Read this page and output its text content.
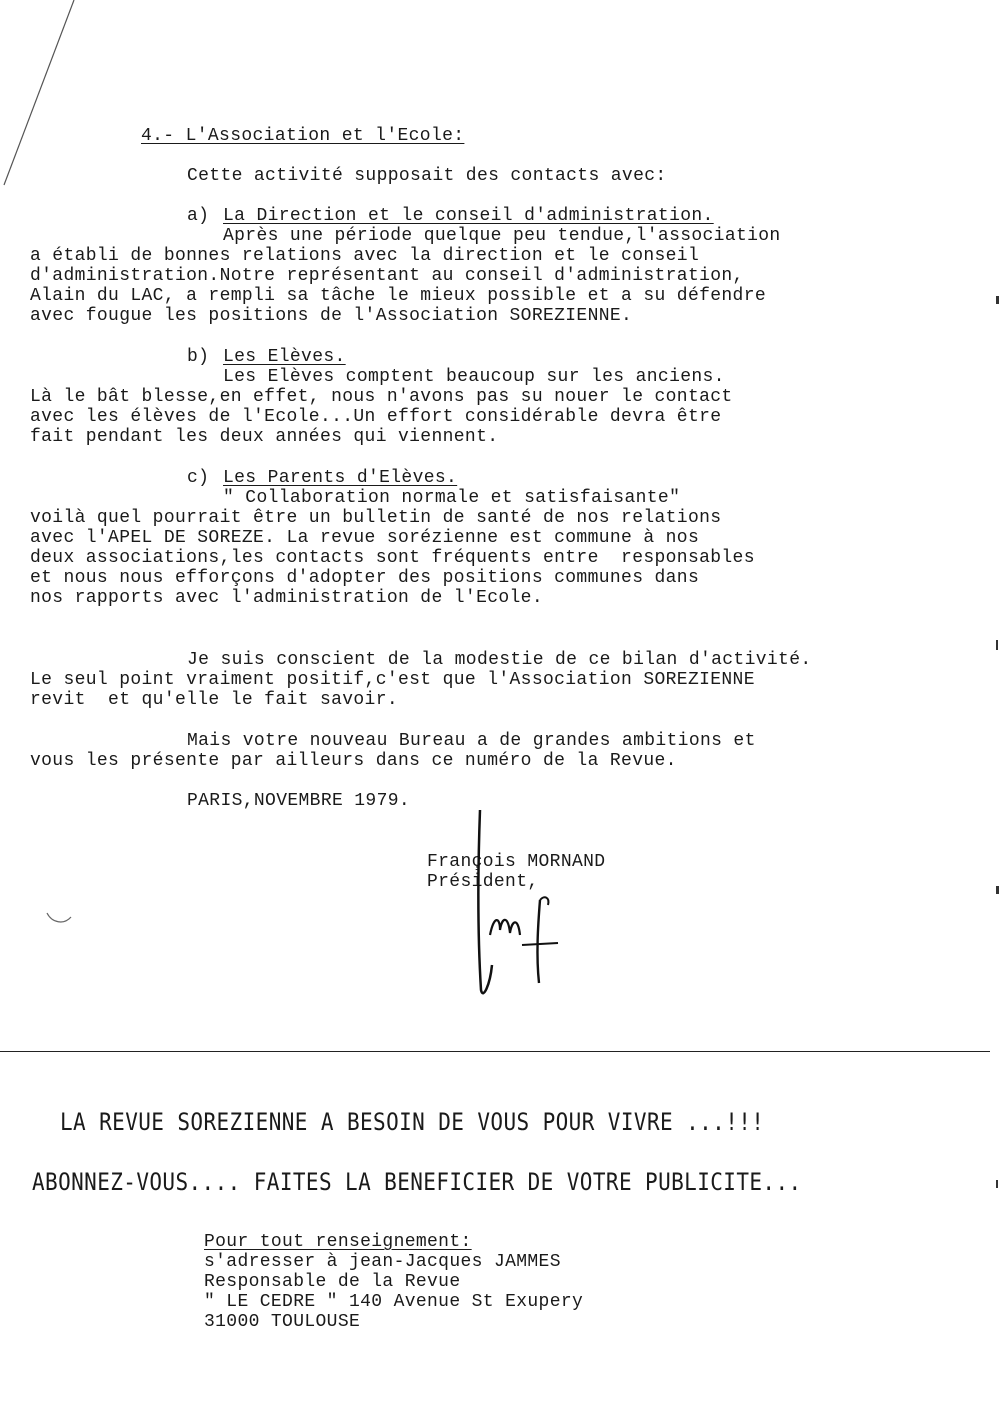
4.- L'Association et l'Ecole:
Cette activité supposait des contacts avec:
a) La Direction et le conseil d'administration.
Après une période quelque peu tendue,l'association
a établi de bonnes relations avec la direction et le conseil
d'administration.Notre représentant au conseil d'administration,
Alain du LAC, a rempli sa tâche le mieux possible et a su défendre
avec fougue les positions de l'Association SOREZIENNE.
b) Les Elèves.
Les Elèves comptent beaucoup sur les anciens.
Là le bât blesse,en effet, nous n'avons pas su nouer le contact
avec les élèves de l'Ecole...Un effort considérable devra être
fait pendant les deux années qui viennent.
c) Les Parents d'Elèves.
" Collaboration normale et satisfaisante"
voilà quel pourrait être un bulletin de santé de nos relations
avec l'APEL DE SOREZE. La revue sorézienne est commune à nos
deux associations,les contacts sont fréquents entre  responsables
et nous nous efforçons d'adopter des positions communes dans
nos rapports avec l'administration de l'Ecole.
Je suis conscient de la modestie de ce bilan d'activité.
Le seul point vraiment positif,c'est que l'Association SOREZIENNE
revit  et qu'elle le fait savoir.
Mais votre nouveau Bureau a de grandes ambitions et
vous les présente par ailleurs dans ce numéro de la Revue.
PARIS,NOVEMBRE 1979.
François MORNAND
Président,
LA REVUE SOREZIENNE A BESOIN DE VOUS POUR VIVRE ...!!!
ABONNEZ-VOUS.... FAITES LA BENEFICIER DE VOTRE PUBLICITE...
Pour tout renseignement:
s'adresser à jean-Jacques JAMMES
Responsable de la Revue
" LE CEDRE " 140 Avenue St Exupery
31000 TOULOUSE
